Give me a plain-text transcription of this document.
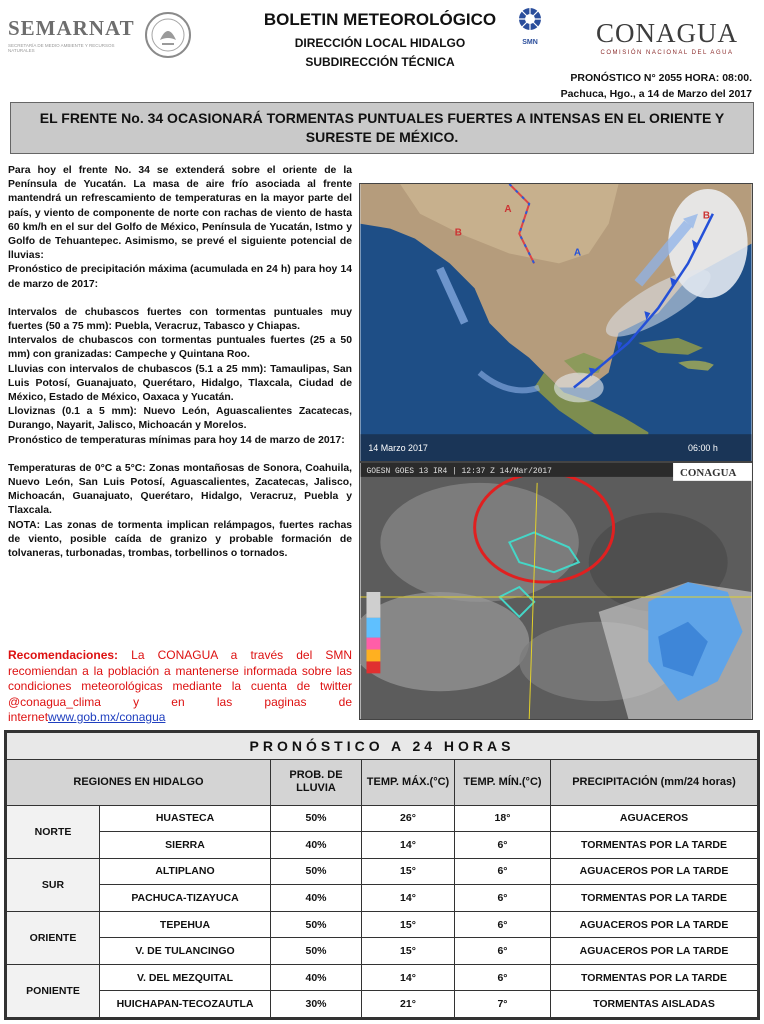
SEMARNAT
SECRETARÍA DE MEDIO AMBIENTE Y RECURSOS NATURALES
BOLETIN METEOROLÓGICO
DIRECCIÓN LOCAL HIDALGO
SUBDIRECCIÓN TÉCNICA
SMN	CONAGUA
COMISIÓN NACIONAL DEL AGUA
PRONÓSTICO N° 2055 HORA: 08:00.
Pachuca, Hgo., a 14 de Marzo del 2017
EL FRENTE No. 34 OCASIONARÁ TORMENTAS PUNTUALES FUERTES A INTENSAS EN EL ORIENTE Y SURESTE DE MÉXICO.

Para hoy el frente No. 34 se extenderá sobre el oriente de la Península de Yucatán. La masa de aire frío asociada al frente mantendrá un refrescamiento de temperaturas en la mayor parte del país, y viento de componente de norte con rachas de viento de hasta 60 km/h en el sur del Golfo de México, Península de Yucatán, Istmo y Golfo de Tehuantepec. Asimismo, se prevé el siguiente potencial de lluvias:

Pronóstico de precipitación máxima (acumulada en 24 h) para hoy 14 de marzo de 2017:

Intervalos de chubascos fuertes con tormentas puntuales muy fuertes (50 a 75 mm): Puebla, Veracruz, Tabasco y Chiapas.

Intervalos de chubascos con tormentas puntuales fuertes (25 a 50 mm) con granizadas: Campeche y Quintana Roo.

Lluvias con intervalos de chubascos (5.1 a 25 mm): Tamaulipas, San Luis Potosí, Guanajuato, Querétaro, Hidalgo, Tlaxcala, Ciudad de México, Estado de México, Oaxaca y Yucatán.

Lloviznas (0.1 a 5 mm): Nuevo León, Aguascalientes Zacatecas, Durango, Nayarit, Jalisco, Michoacán y Morelos.

Pronóstico de temperaturas mínimas para hoy 14 de marzo de 2017:

Temperaturas de 0°C a 5°C: Zonas montañosas de Sonora, Coahuila, Nuevo León, San Luis Potosí, Aguascalientes, Zacatecas, Jalisco, Michoacán, Guanajuato, Querétaro, Hidalgo, Veracruz, Puebla y Tlaxcala.

NOTA: Las zonas de tormenta implican relámpagos, fuertes rachas de viento, posible caída de granizo y probable formación de tolvaneras, turbonadas, trombas, torbellinos o tornados.

Recomendaciones: La CONAGUA a través del SMN recomiendan a la población a mantenerse informada sobre las condiciones meteorológicas mediante la cuenta de twitter @conagua_clima y en las paginas de internetwww.gob.mx/conagua
A
A
B
B
14 Marzo 2017	06:00 h
GOESN GOES 13 IR4 | 12:37 Z 14/Mar/2017	CONAGUA
PRONÓSTICO A 24 HORAS					
REGIONES EN HIDALGO		PROB. DE LLUVIA	TEMP. MÁX.(°C)	TEMP. MÍN.(°C)	PRECIPITACIÓN (mm/24 horas)
NORTE	HUASTECA	50%	26°	18°	AGUACEROS
	SIERRA	40%	14°	6°	TORMENTAS POR LA TARDE
SUR	ALTIPLANO	50%	15°	6°	AGUACEROS POR LA TARDE
	PACHUCA-TIZAYUCA	40%	14°	6°	TORMENTAS POR LA TARDE
ORIENTE	TEPEHUA	50%	15°	6°	AGUACEROS POR LA TARDE
	V. DE TULANCINGO	50%	15°	6°	AGUACEROS POR LA TARDE
PONIENTE	V. DEL MEZQUITAL	40%	14°	6°	TORMENTAS POR LA TARDE
	HUICHAPAN-TECOZAUTLA	30%	21°	7°	TORMENTAS AISLADAS
